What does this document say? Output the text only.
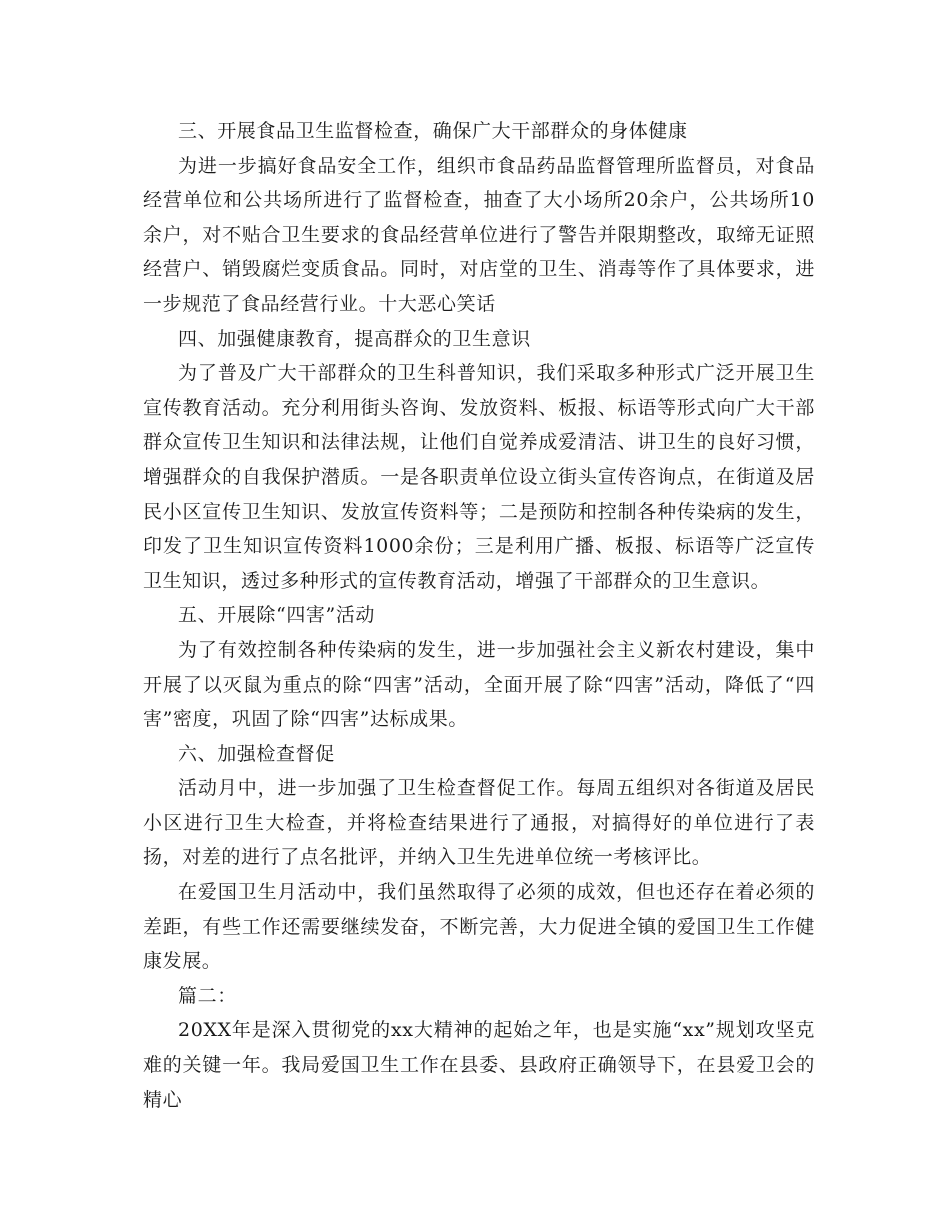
三、开展食品卫生监督检查，确保广大干部群众的身体健康

为进一步搞好食品安全工作，组织市食品药品监督管理所监督员，对食品经营单位和公共场所进行了监督检查，抽查了大小场所20余户，公共场所10余户，对不贴合卫生要求的食品经营单位进行了警告并限期整改，取缔无证照经营户、销毁腐烂变质食品。同时，对店堂的卫生、消毒等作了具体要求，进一步规范了食品经营行业。十大恶心笑话

四、加强健康教育，提高群众的卫生意识

为了普及广大干部群众的卫生科普知识，我们采取多种形式广泛开展卫生宣传教育活动。充分利用街头咨询、发放资料、板报、标语等形式向广大干部群众宣传卫生知识和法律法规，让他们自觉养成爱清洁、讲卫生的良好习惯，增强群众的自我保护潜质。一是各职责单位设立街头宣传咨询点，在街道及居民小区宣传卫生知识、发放宣传资料等；二是预防和控制各种传染病的发生，印发了卫生知识宣传资料1000余份；三是利用广播、板报、标语等广泛宣传卫生知识，透过多种形式的宣传教育活动，增强了干部群众的卫生意识。

五、开展除“四害”活动

为了有效控制各种传染病的发生，进一步加强社会主义新农村建设，集中开展了以灭鼠为重点的除“四害”活动，全面开展了除“四害”活动，降低了“四害”密度，巩固了除“四害”达标成果。

六、加强检查督促

活动月中，进一步加强了卫生检查督促工作。每周五组织对各街道及居民小区进行卫生大检查，并将检查结果进行了通报，对搞得好的单位进行了表扬，对差的进行了点名批评，并纳入卫生先进单位统一考核评比。

在爱国卫生月活动中，我们虽然取得了必须的成效，但也还存在着必须的差距，有些工作还需要继续发奋，不断完善，大力促进全镇的爱国卫生工作健康发展。

篇二：

20XX年是深入贯彻党的xx大精神的起始之年，也是实施“xx”规划攻坚克难的关键一年。我局爱国卫生工作在县委、县政府正确领导下，在县爱卫会的精心
